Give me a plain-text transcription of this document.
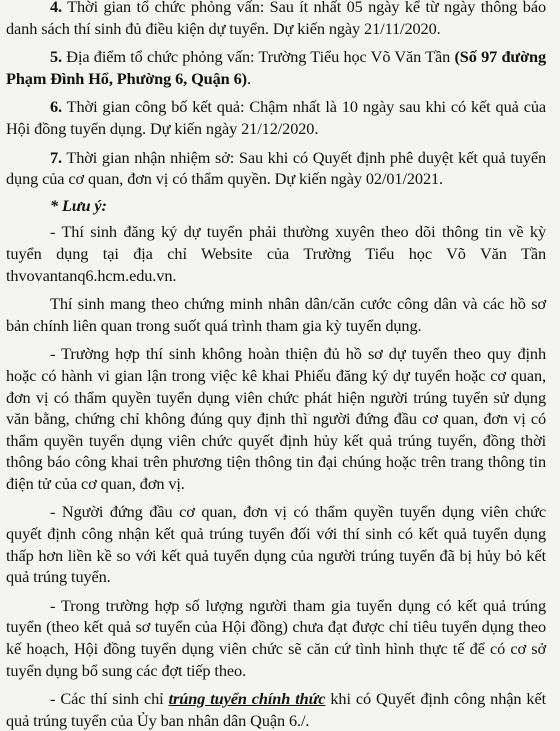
4. Thời gian tổ chức phỏng vấn: Sau ít nhất 05 ngày kể từ ngày thông báo danh sách thí sinh đủ điều kiện dự tuyển. Dự kiến ngày 21/11/2020.

5. Địa điểm tổ chức phỏng vấn: Trường Tiểu học Võ Văn Tần (Số 97 đường Phạm Đình Hổ, Phường 6, Quận 6).

6. Thời gian công bố kết quả: Chậm nhất là 10 ngày sau khi có kết quả của Hội đồng tuyển dụng. Dự kiến ngày 21/12/2020.

7. Thời gian nhận nhiệm sở: Sau khi có Quyết định phê duyệt kết quả tuyển dụng của cơ quan, đơn vị có thẩm quyền. Dự kiến ngày 02/01/2021.

* Lưu ý:

- Thí sinh đăng ký dự tuyển phải thường xuyên theo dõi thông tin về kỳ tuyển dụng tại địa chỉ Website của Trường Tiểu học Võ Văn Tần thvovantanq6.hcm.edu.vn.

Thí sinh mang theo chứng minh nhân dân/căn cước công dân và các hồ sơ bản chính liên quan trong suốt quá trình tham gia kỳ tuyển dụng.

- Trường hợp thí sinh không hoàn thiện đủ hồ sơ dự tuyển theo quy định hoặc có hành vi gian lận trong việc kê khai Phiếu đăng ký dự tuyển hoặc cơ quan, đơn vị có thẩm quyền tuyển dụng viên chức phát hiện người trúng tuyển sử dụng văn bằng, chứng chỉ không đúng quy định thì người đứng đầu cơ quan, đơn vị có thẩm quyền tuyển dụng viên chức quyết định hủy kết quả trúng tuyển, đồng thời thông báo công khai trên phương tiện thông tin đại chúng hoặc trên trang thông tin điện tử của cơ quan, đơn vị.

- Người đứng đầu cơ quan, đơn vị có thẩm quyền tuyển dụng viên chức quyết định công nhận kết quả trúng tuyển đối với thí sinh có kết quả tuyển dụng thấp hơn liền kề so với kết quả tuyển dụng của người trúng tuyển đã bị hủy bỏ kết quả trúng tuyển.

- Trong trường hợp số lượng người tham gia tuyển dụng có kết quả trúng tuyển (theo kết quả sơ tuyển của Hội đồng) chưa đạt được chỉ tiêu tuyển dụng theo kế hoạch, Hội đồng tuyển dụng viên chức sẽ căn cứ tình hình thực tế để có cơ sở tuyển dụng bổ sung các đợt tiếp theo.

- Các thí sinh chỉ trúng tuyển chính thức khi có Quyết định công nhận kết quả trúng tuyển của Ủy ban nhân dân Quận 6./.
